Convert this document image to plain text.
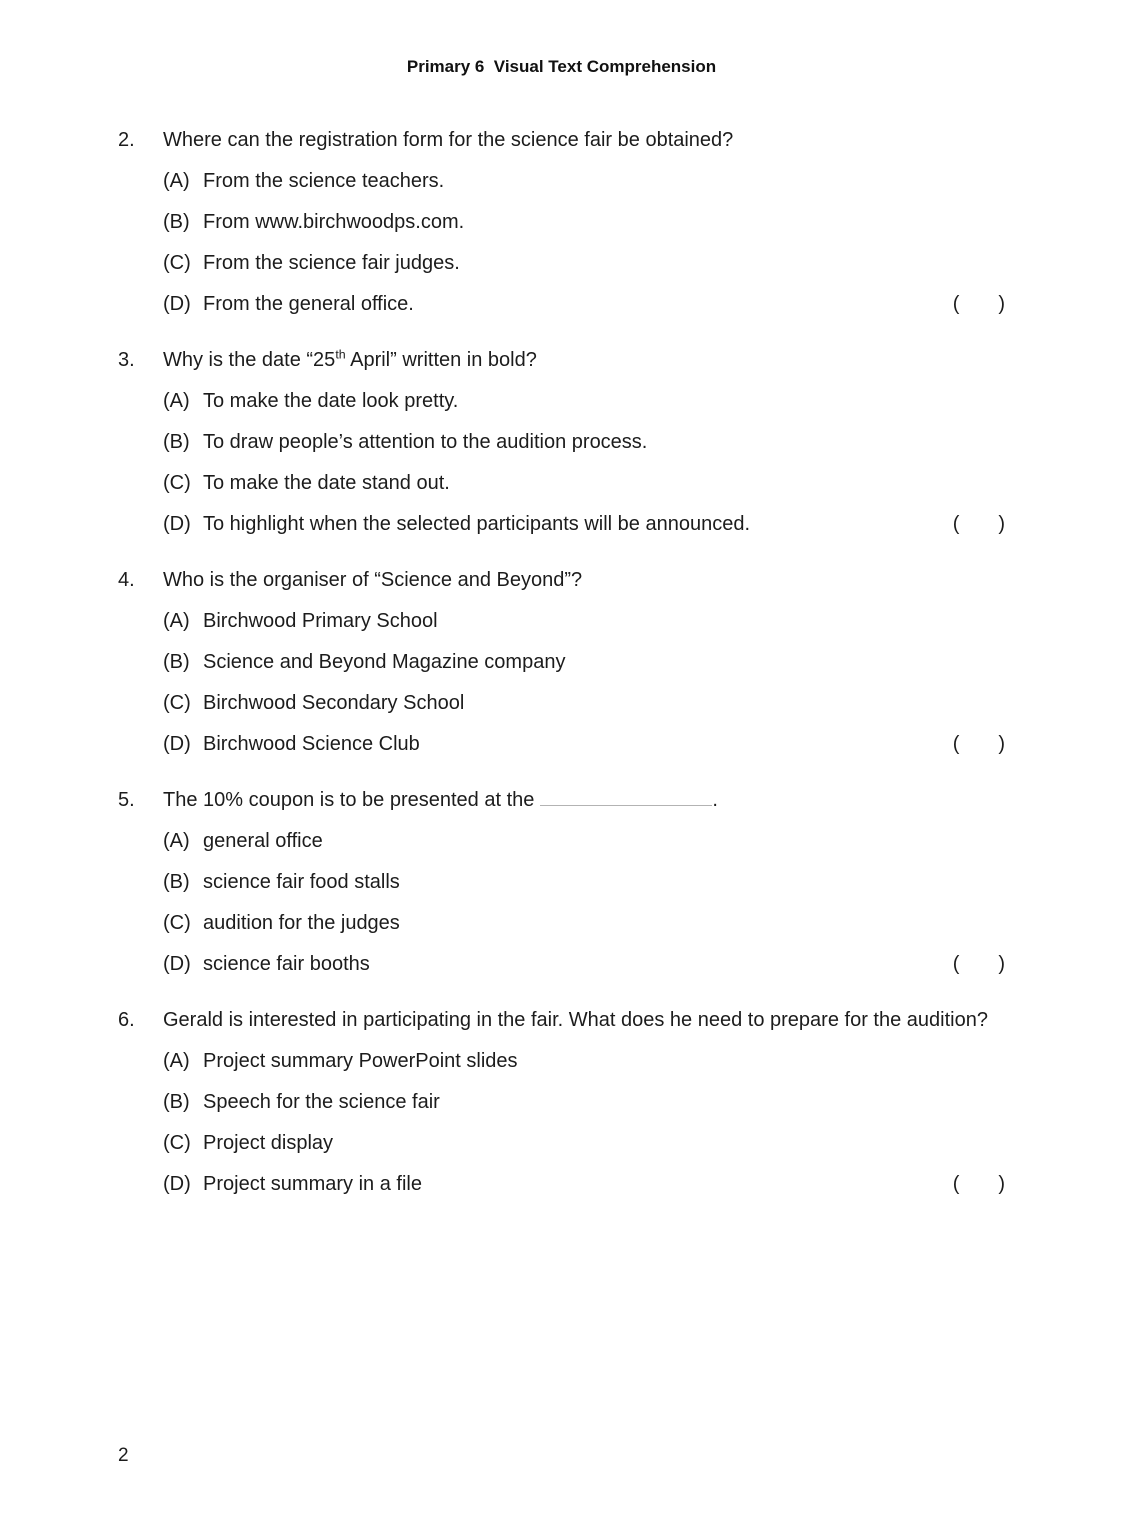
Primary 6  Visual Text Comprehension
2.	Where can the registration form for the science fair be obtained?
(A) From the science teachers.
(B) From www.birchwoodps.com.
(C) From the science fair judges.
(D) From the general office.	(       )
3.	Why is the date “25th April” written in bold?
(A) To make the date look pretty.
(B) To draw people’s attention to the audition process.
(C) To make the date stand out.
(D) To highlight when the selected participants will be announced.	(       )
4.	Who is the organiser of “Science and Beyond”?
(A) Birchwood Primary School
(B) Science and Beyond Magazine company
(C) Birchwood Secondary School
(D) Birchwood Science Club	(       )
5.	The 10% coupon is to be presented at the	.
(A) general office
(B) science fair food stalls
(C) audition for the judges
(D) science fair booths	(       )
6.	Gerald is interested in participating in the fair. What does he need to prepare for the audition?
(A) Project summary PowerPoint slides
(B) Speech for the science fair
(C) Project display
(D) Project summary in a file	(       )
2
